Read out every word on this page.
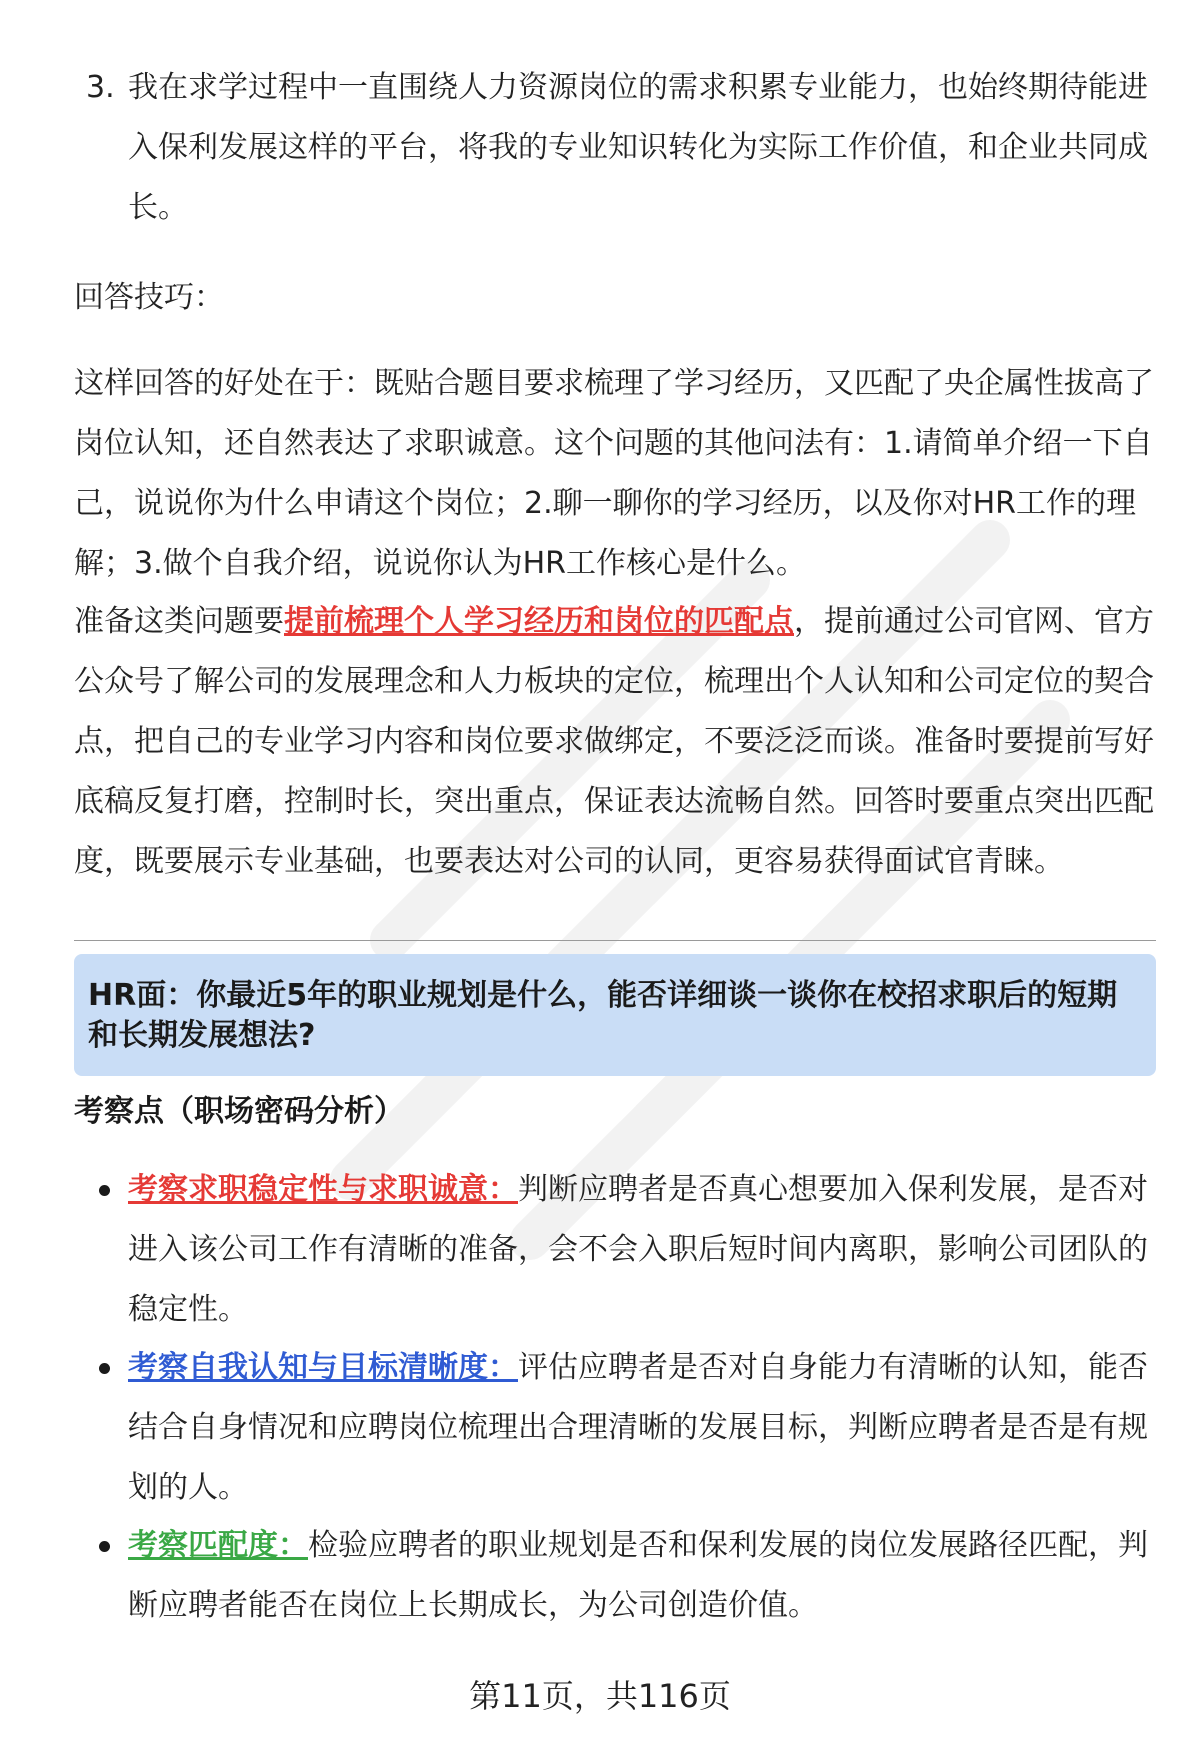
3. 我在求学过程中一直围绕人力资源岗位的需求积累专业能力，也始终期待能进入保利发展这样的平台，将我的专业知识转化为实际工作价值，和企业共同成长。

回答技巧：

这样回答的好处在于：既贴合题目要求梳理了学习经历，又匹配了央企属性拔高了岗位认知，还自然表达了求职诚意。这个问题的其他问法有：1.请简单介绍一下自己，说说你为什么申请这个岗位；2.聊一聊你的学习经历，以及你对HR工作的理解；3.做个自我介绍，说说你认为HR工作核心是什么。

准备这类问题要提前梳理个人学习经历和岗位的匹配点，提前通过公司官网、官方公众号了解公司的发展理念和人力板块的定位，梳理出个人认知和公司定位的契合点，把自己的专业学习内容和岗位要求做绑定，不要泛泛而谈。准备时要提前写好底稿反复打磨，控制时长，突出重点，保证表达流畅自然。回答时要重点突出匹配度，既要展示专业基础，也要表达对公司的认同，更容易获得面试官青睐。

HR面：你最近5年的职业规划是什么，能否详细谈一谈你在校招求职后的短期和长期发展想法?
考察点（职场密码分析）
考察求职稳定性与求职诚意：判断应聘者是否真心想要加入保利发展，是否对进入该公司工作有清晰的准备，会不会入职后短时间内离职，影响公司团队的稳定性。
考察自我认知与目标清晰度：评估应聘者是否对自身能力有清晰的认知，能否结合自身情况和应聘岗位梳理出合理清晰的发展目标，判断应聘者是否是有规划的人。
考察匹配度：检验应聘者的职业规划是否和保利发展的岗位发展路径匹配，判断应聘者能否在岗位上长期成长，为公司创造价值。
第11页，共116页
